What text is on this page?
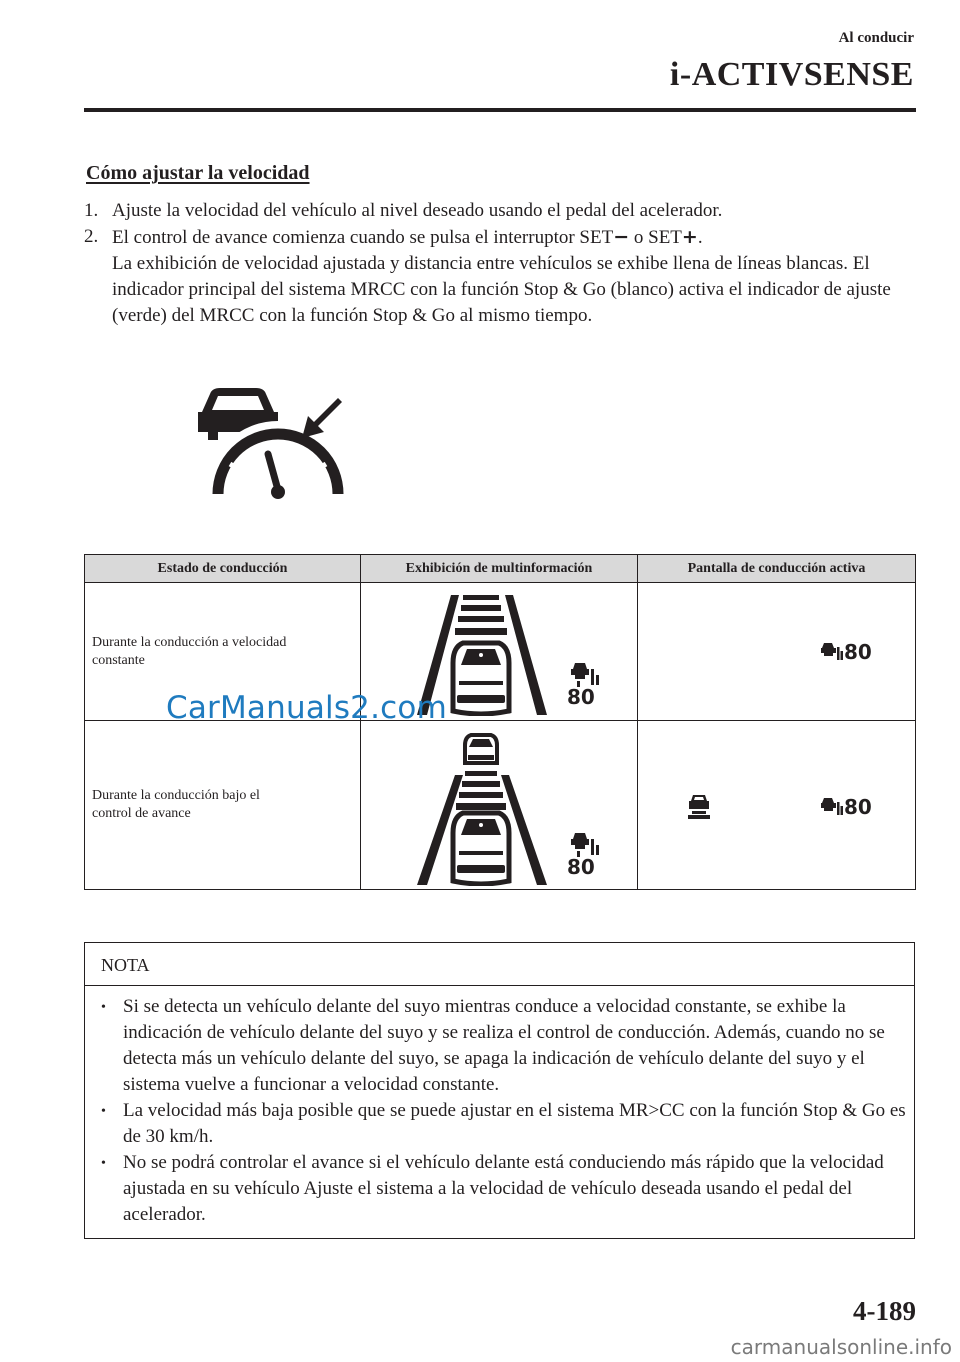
Al conducir
i-ACTIVSENSE
Cómo ajustar la velocidad
1. Ajuste la velocidad del vehículo al nivel deseado usando el pedal del acelerador.
2. El control de avance comienza cuando se pulsa el interruptor SET− o SET+.
La exhibición de velocidad ajustada y distancia entre vehículos se exhibe llena de líneas blancas. El indicador principal del sistema MRCC con la función Stop & Go (blanco) activa el indicador de ajuste (verde) del MRCC con la función Stop & Go al mismo tiempo.
Estado de conducción	Exhibición de multinformación	Pantalla de conducción activa
Durante la conducción a velocidad
constante	80	80

Durante la conducción bajo el
control de avance	80	80
CarManuals2.com
NOTA
• Si se detecta un vehículo delante del suyo mientras conduce a velocidad constante, se exhibe la indicación de vehículo delante del suyo y se realiza el control de conducción. Además, cuando no se detecta más un vehículo delante del suyo, se apaga la indicación de vehículo delante del suyo y el sistema vuelve a funcionar a velocidad constante.
• La velocidad más baja posible que se puede ajustar en el sistema MR>CC con la función Stop & Go es de 30 km/h.
• No se podrá controlar el avance si el vehículo delante está conduciendo más rápido que la velocidad ajustada en su vehículo Ajuste el sistema a la velocidad de vehículo deseada usando el pedal del acelerador.
4-189
carmanualsonline.info
